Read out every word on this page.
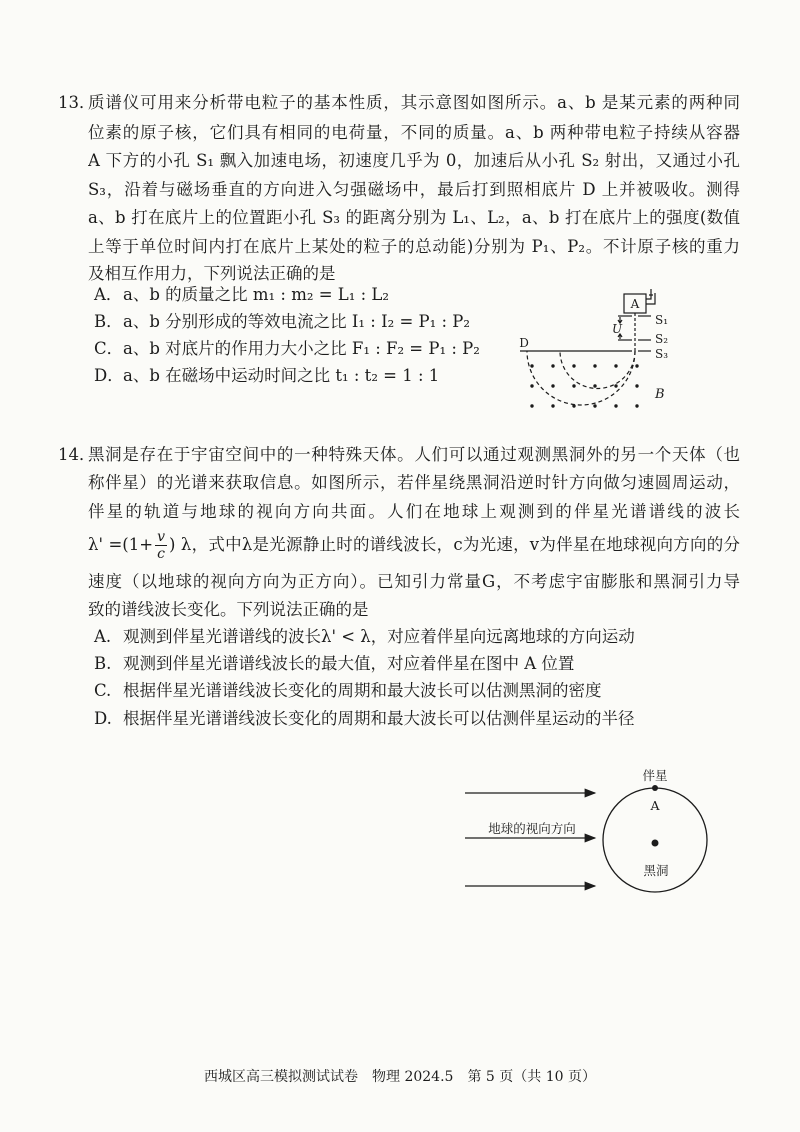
13．
质谱仪可用来分析带电粒子的基本性质，其示意图如图所示。a、b 是某元素的两种同
位素的原子核，它们具有相同的电荷量，不同的质量。a、b 两种带电粒子持续从容器
A 下方的小孔 S₁ 飘入加速电场，初速度几乎为 0，加速后从小孔 S₂ 射出，又通过小孔
S₃，沿着与磁场垂直的方向进入匀强磁场中，最后打到照相底片 D 上并被吸收。测得
a、b 打在底片上的位置距小孔 S₃ 的距离分别为 L₁、L₂，a、b 打在底片上的强度(数值
上等于单位时间内打在底片上某处的粒子的总动能)分别为 P₁、P₂。不计原子核的重力
及相互作用力，下列说法正确的是
A．a、b 的质量之比 m₁ : m₂ = L₁ : L₂
B．a、b 分别形成的等效电流之比 I₁ : I₂ = P₁ : P₂
C．a、b 对底片的作用力大小之比 F₁ : F₂ = P₁ : P₂
D．a、b 在磁场中运动时间之比 t₁ : t₂ = 1 : 1
A
U
S₁
S₂
S₃
D
B
14．
黑洞是存在于宇宙空间中的一种特殊天体。人们可以通过观测黑洞外的另一个天体（也
称伴星）的光谱来获取信息。如图所示，若伴星绕黑洞沿逆时针方向做匀速圆周运动，
伴星的轨道与地球的视向方向共面。人们在地球上观测到的伴星光谱谱线的波长
$\lambda' =(1+ \frac{v}{c}$ ) λ，式中λ是光源静止时的谱线波长，c为光速，v为伴星在地球视向方向的分
速度（以地球的视向方向为正方向）。已知引力常量G，不考虑宇宙膨胀和黑洞引力导
致的谱线波长变化。下列说法正确的是
A. 观测到伴星光谱谱线的波长λ' < λ，对应着伴星向远离地球的方向运动
B. 观测到伴星光谱谱线波长的最大值，对应着伴星在图中 A 位置
C. 根据伴星光谱谱线波长变化的周期和最大波长可以估测黑洞的密度
D. 根据伴星光谱谱线波长变化的周期和最大波长可以估测伴星运动的半径
地球的视向方向
伴星
A
黑洞
西城区高三模拟测试试卷 物理 2024.5 第 5 页（共 10 页）
